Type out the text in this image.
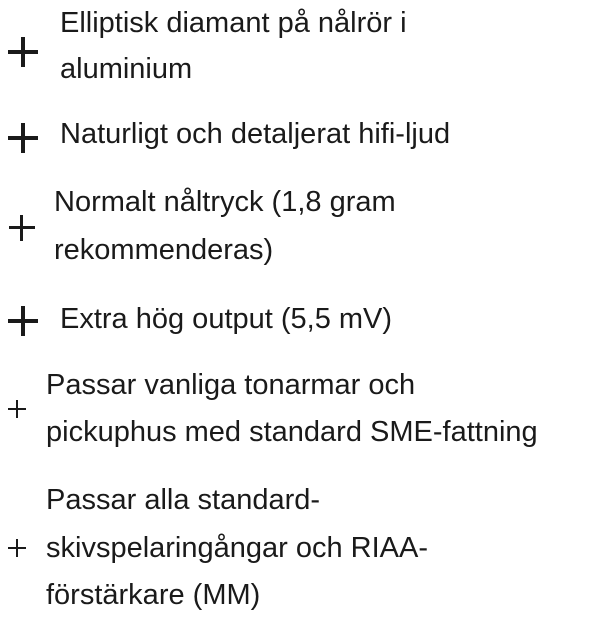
Elliptisk diamant på nålrör i
aluminium
Naturligt och detaljerat hifi-ljud
Normalt nåltryck (1,8 gram
rekommenderas)
Extra hög output (5,5 mV)
Passar vanliga tonarmar och
pickuphus med standard SME-fattning
Passar alla standard-
skivspelaringångar och RIAA-
förstärkare (MM)
